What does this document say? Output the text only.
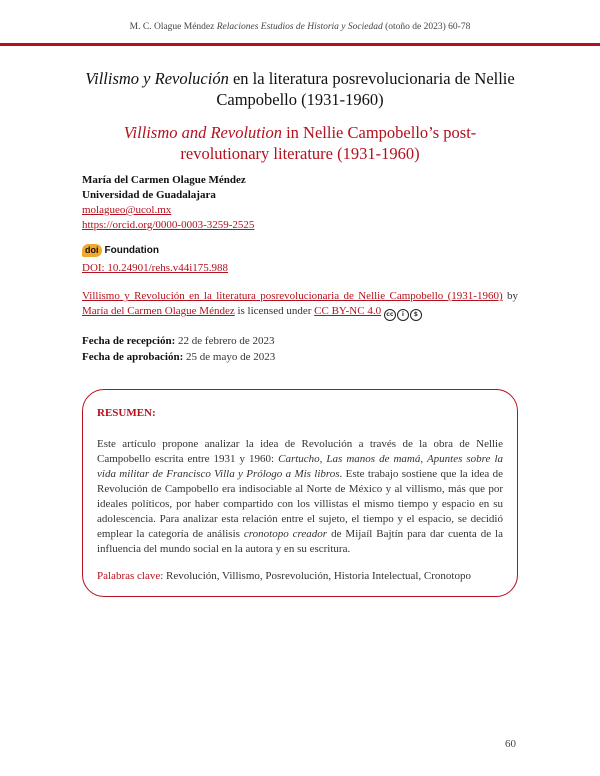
M. C. Olague Méndez Relaciones Estudios de Historia y Sociedad (otoño de 2023) 60-78
Villismo y Revolución en la literatura posrevolucionaria de Nellie Campobello (1931-1960)
Villismo and Revolution in Nellie Campobello’s post-revolutionary literature (1931-1960)
María del Carmen Olague Méndez
Universidad de Guadalajara
molagueo@ucol.mx
https://orcid.org/0000-0003-3259-2525
doi Foundation
DOI: 10.24901/rehs.v44i175.988
Villismo y Revolución en la literatura posrevolucionaria de Nellie Campobello (1931-1960) by María del Carmen Olague Méndez is licensed under CC BY-NC 4.0 cc	i	$
Fecha de recepción: 22 de febrero de 2023
Fecha de aprobación: 25 de mayo de 2023
RESUMEN:
Este artículo propone analizar la idea de Revolución a través de la obra de Nellie Campobello escrita entre 1931 y 1960: Cartucho, Las manos de mamá, Apuntes sobre la vida militar de Francisco Villa y Prólogo a Mis libros. Este trabajo sostiene que la idea de Revolución de Campobello era indisociable al Norte de México y al villismo, más que por ideales políticos, por haber compartido con los villistas el mismo tiempo y espacio en su adolescencia. Para analizar esta relación entre el sujeto, el tiempo y el espacio, se decidió emplear la categoría de análisis cronotopo creador de Mijaíl Bajtín para dar cuenta de la influencia del mundo social en la autora y en su escritura.
Palabras clave: Revolución, Villismo, Posrevolución, Historia Intelectual, Cronotopo
60
